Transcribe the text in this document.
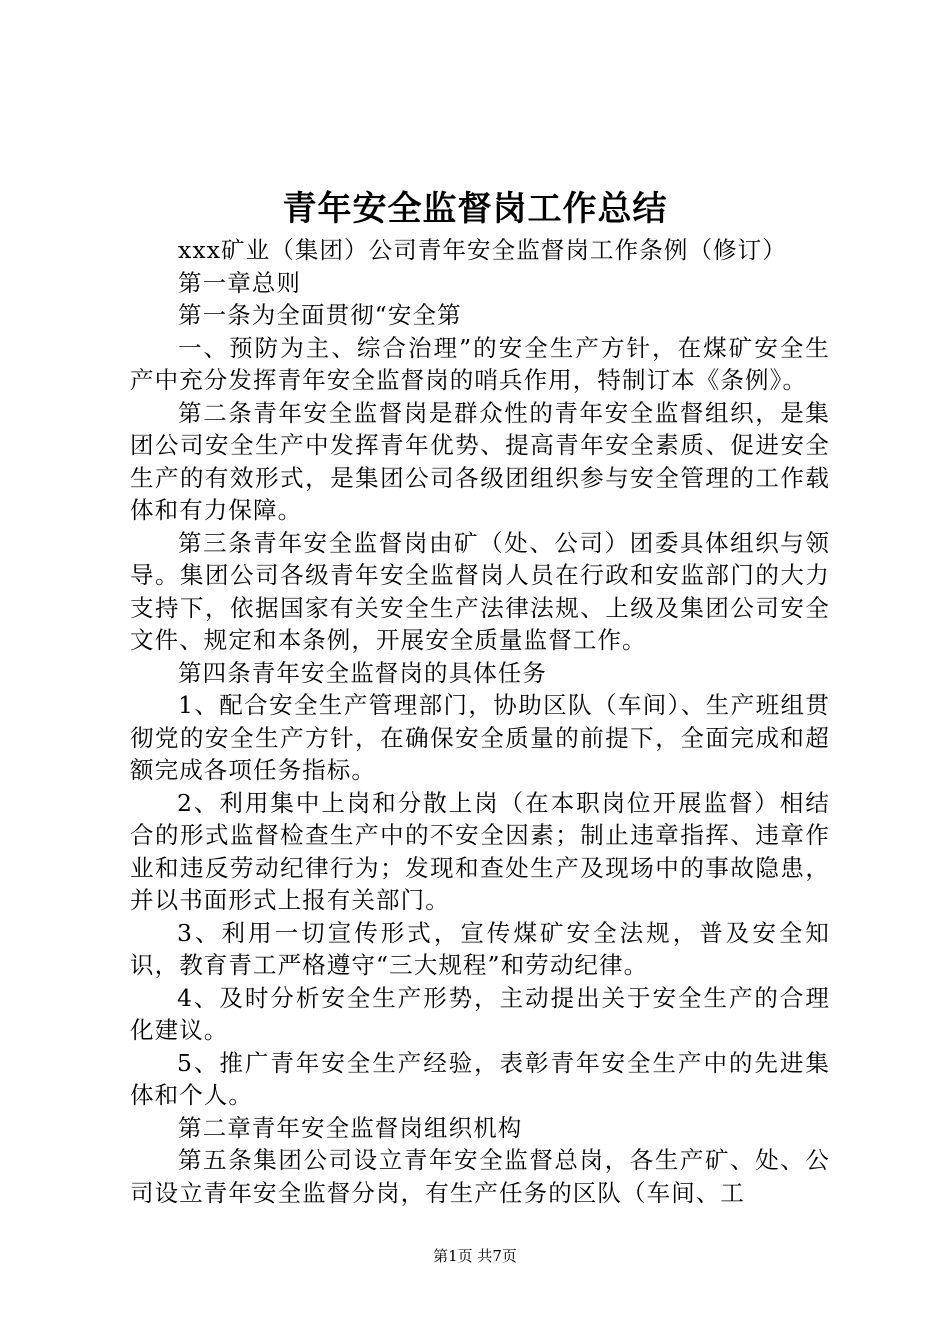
青年安全监督岗工作总结

xxx矿业（集团）公司青年安全监督岗工作条例（修订）

第一章总则

第一条为全面贯彻“安全第

一、预防为主、综合治理”的安全生产方针，在煤矿安全生产中充分发挥青年安全监督岗的哨兵作用，特制订本《条例》。

第二条青年安全监督岗是群众性的青年安全监督组织，是集团公司安全生产中发挥青年优势、提高青年安全素质、促进安全生产的有效形式，是集团公司各级团组织参与安全管理的工作载体和有力保障。

第三条青年安全监督岗由矿（处、公司）团委具体组织与领导。集团公司各级青年安全监督岗人员在行政和安监部门的大力支持下，依据国家有关安全生产法律法规、上级及集团公司安全文件、规定和本条例，开展安全质量监督工作。

第四条青年安全监督岗的具体任务

1、配合安全生产管理部门，协助区队（车间）、生产班组贯彻党的安全生产方针，在确保安全质量的前提下，全面完成和超额完成各项任务指标。

2、利用集中上岗和分散上岗（在本职岗位开展监督）相结合的形式监督检查生产中的不安全因素；制止违章指挥、违章作业和违反劳动纪律行为；发现和查处生产及现场中的事故隐患，并以书面形式上报有关部门。

3、利用一切宣传形式，宣传煤矿安全法规，普及安全知识，教育青工严格遵守“三大规程”和劳动纪律。

4、及时分析安全生产形势，主动提出关于安全生产的合理化建议。

5、推广青年安全生产经验，表彰青年安全生产中的先进集体和个人。

第二章青年安全监督岗组织机构

第五条集团公司设立青年安全监督总岗，各生产矿、处、公司设立青年安全监督分岗，有生产任务的区队（车间、工

第1页 共7页
